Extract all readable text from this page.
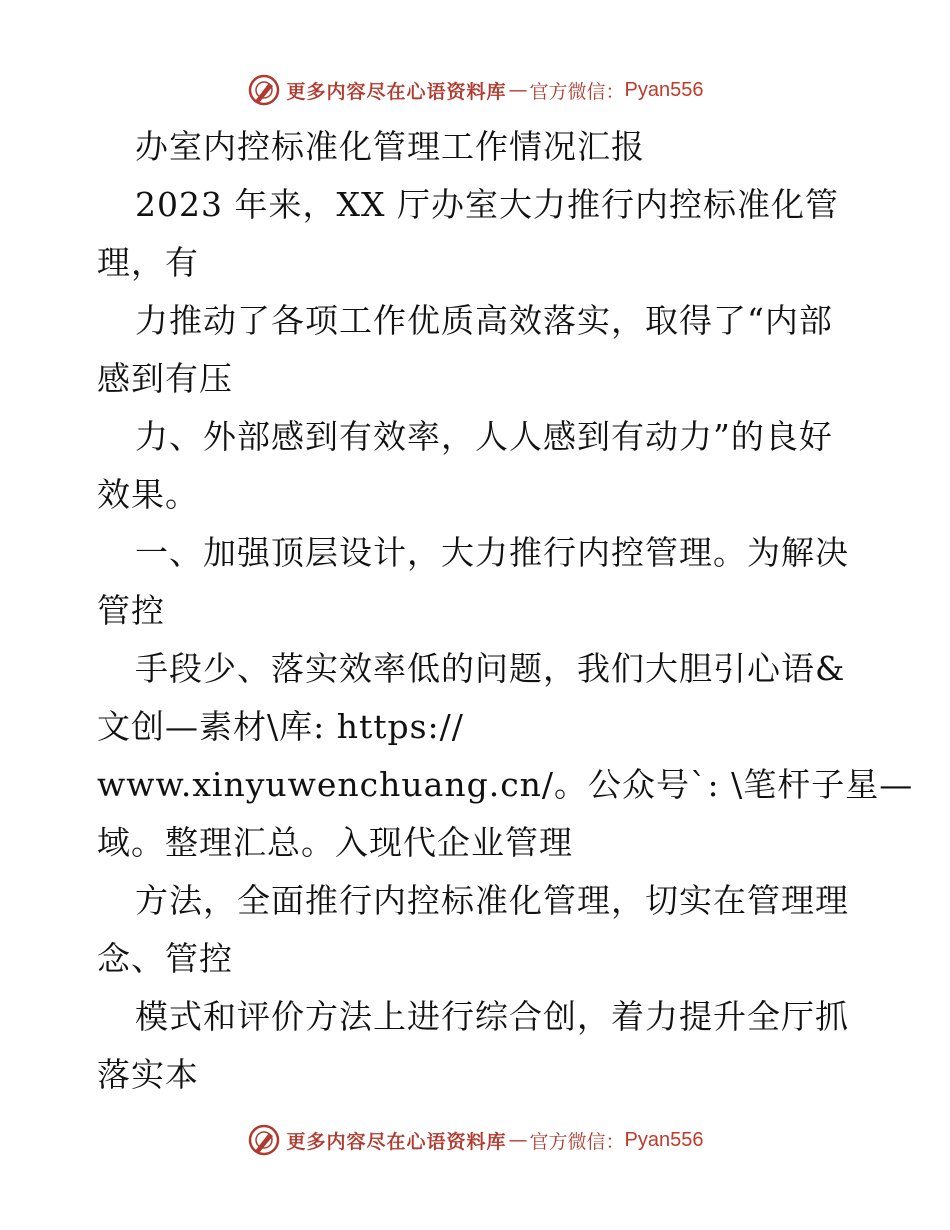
更多内容尽在心语资料库 — 官方微信： Pyan556

办室内控标准化管理工作情况汇报

2023 年来，XX 厅办室大力推行内控标准化管

理，有

力推动了各项工作优质高效落实，取得了“内部

感到有压

力、外部感到有效率，人人感到有动力”的良好

效果。

一、加强顶层设计，大力推行内控管理。为解决

管控

手段少、落实效率低的问题，我们大胆引心语&

文创—素材\库: https://

www.xinyuwenchuang.cn/。公众号`: \笔杆子星—

域。整理汇总。入现代企业管理

方法，全面推行内控标准化管理，切实在管理理

念、管控

模式和评价方法上进行综合创，着力提升全厅抓

落实本

更多内容尽在心语资料库 — 官方微信： Pyan556
